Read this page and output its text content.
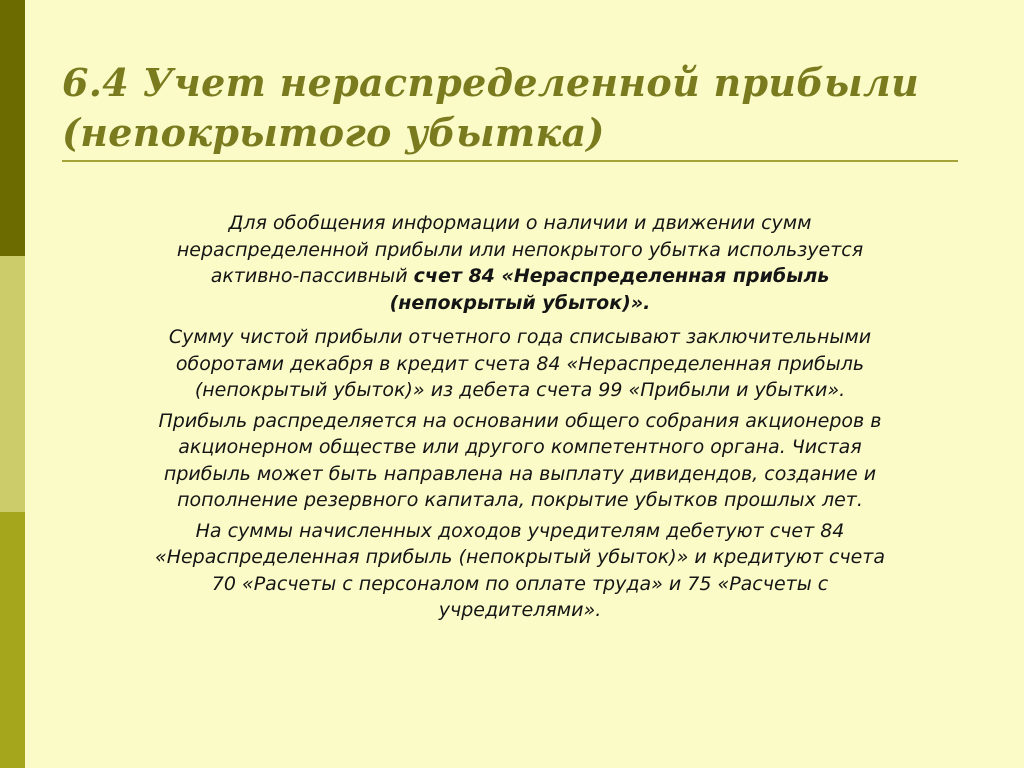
6.4 Учет нераспределенной прибыли
(непокрытого убытка)

Для обобщения информации о наличии и движении сумм
нераспределенной прибыли или непокрытого убытка используется
активно-пассивный счет 84 «Нераспределенная прибыль
(непокрытый убыток)».

Сумму чистой прибыли отчетного года списывают заключительными
оборотами декабря в кредит счета 84 «Нераспределенная прибыль
(непокрытый убыток)» из дебета счета 99 «Прибыли и убытки».

Прибыль распределяется на основании общего собрания акционеров в
акционерном обществе или другого компетентного органа. Чистая
прибыль может быть направлена на выплату дивидендов, создание и
пополнение резервного капитала, покрытие убытков прошлых лет.

На суммы начисленных доходов учредителям дебетуют счет 84
«Нераспределенная прибыль (непокрытый убыток)» и кредитуют счета
70 «Расчеты с персоналом по оплате труда» и 75 «Расчеты с
учредителями».
